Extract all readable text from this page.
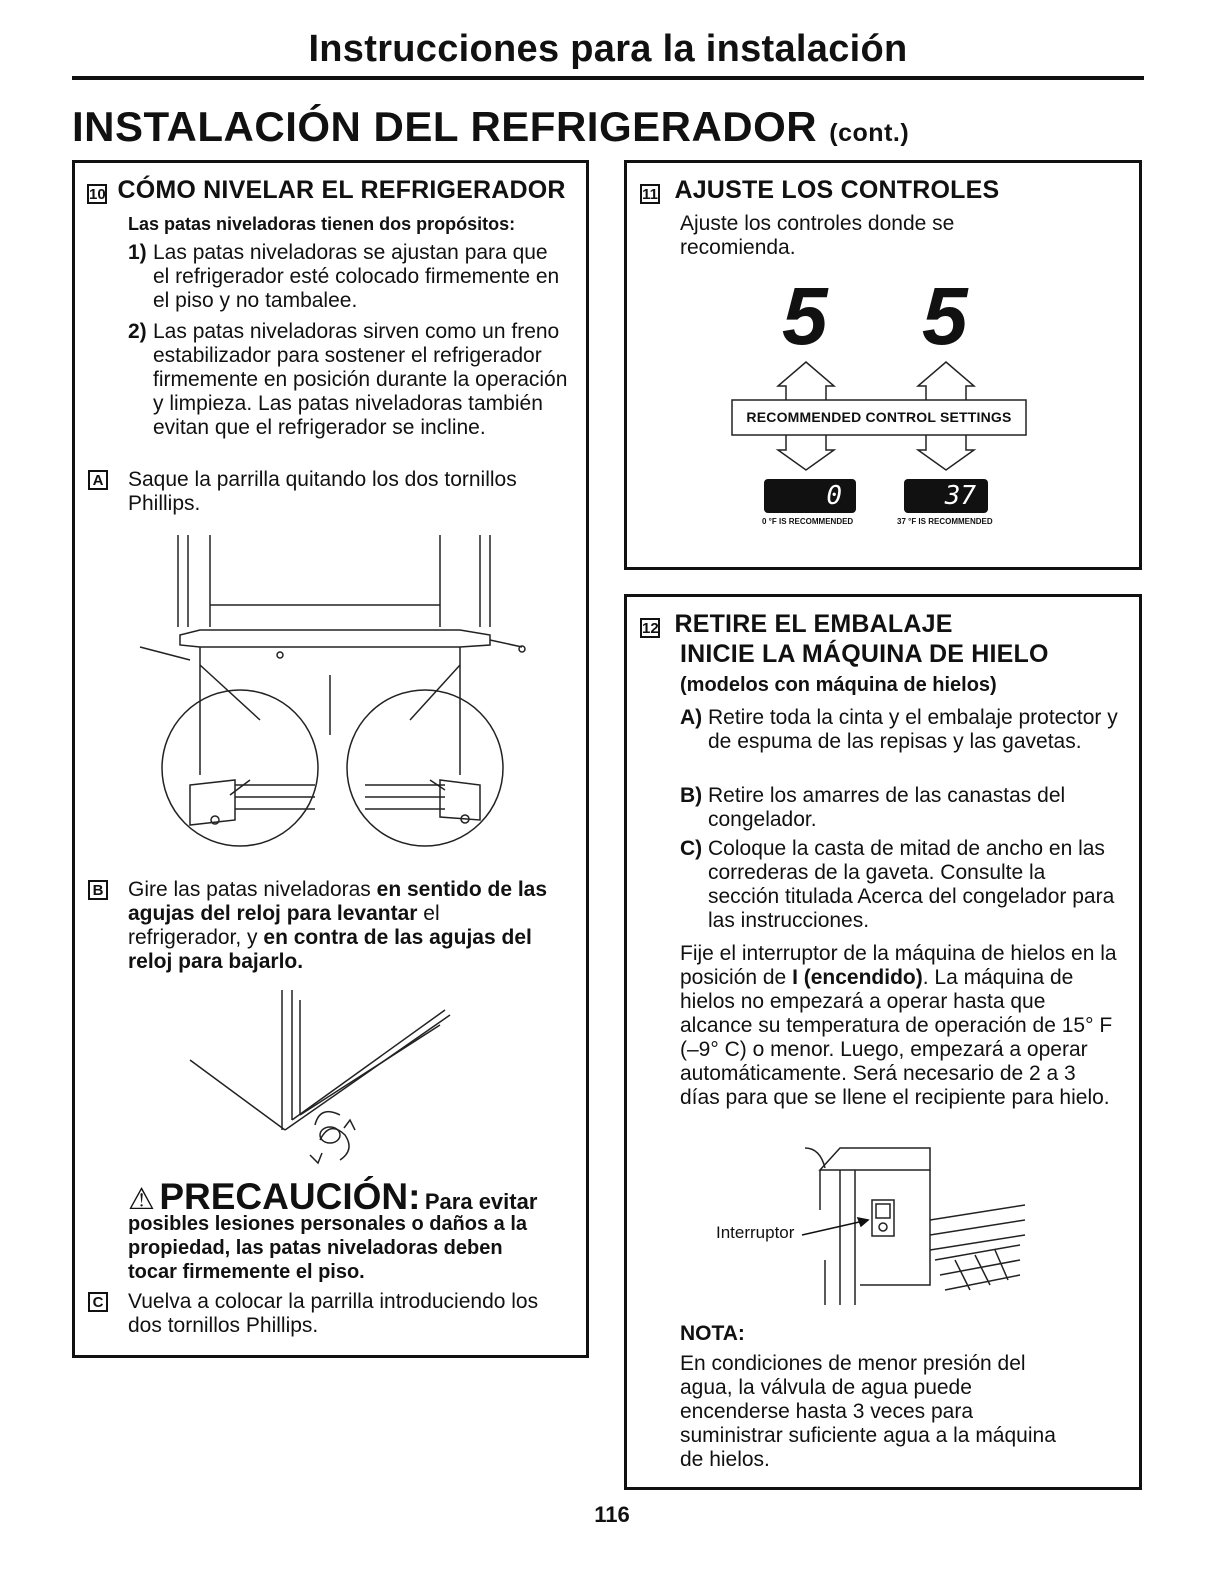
Instrucciones para la instalación
INSTALACIÓN DEL REFRIGERADOR (cont.)
10 CÓMO NIVELAR EL REFRIGERADOR
Las patas niveladoras tienen dos propósitos:
1) Las patas niveladoras se ajustan para que el refrigerador esté colocado firmemente en el piso y no tambalee.
2) Las patas niveladoras sirven como un freno estabilizador para sostener el refrigerador firmemente en posición durante la operación y limpieza. Las patas niveladoras también evitan que el refrigerador se incline.
A Saque la parrilla quitando los dos tornillos Phillips.
B Gire las patas niveladoras en sentido de las agujas del reloj para levantar el refrigerador, y en contra de las agujas del reloj para bajarlo.
⚠ PRECAUCIÓN: Para evitar
posibles lesiones personales o daños a la propiedad, las patas niveladoras deben tocar firmemente el piso.
C Vuelva a colocar la parrilla introduciendo los dos tornillos Phillips.
11 AJUSTE LOS CONTROLES
Ajuste los controles donde se recomienda.
5 5
RECOMMENDED CONTROL SETTINGS
0	37
0 °F IS RECOMMENDED	37 °F IS RECOMMENDED
12 RETIRE EL EMBALAJE
INICIE LA MÁQUINA DE HIELO
(modelos con máquina de hielos)
A) Retire toda la cinta y el embalaje protector y de espuma de las repisas y las gavetas.
B) Retire los amarres de las canastas del congelador.
C) Coloque la casta de mitad de ancho en las correderas de la gaveta. Consulte la sección titulada Acerca del congelador para las instrucciones.
Fije el interruptor de la máquina de hielos en la posición de I (encendido). La máquina de hielos no empezará a operar hasta que alcance su temperatura de operación de 15° F (–9° C) o menor. Luego, empezará a operar automáticamente. Será necesario de 2 a 3 días para que se llene el recipiente para hielo.
Interruptor
NOTA:
En condiciones de menor presión del agua, la válvula de agua puede encenderse hasta 3 veces para suministrar suficiente agua a la máquina de hielos.
116
